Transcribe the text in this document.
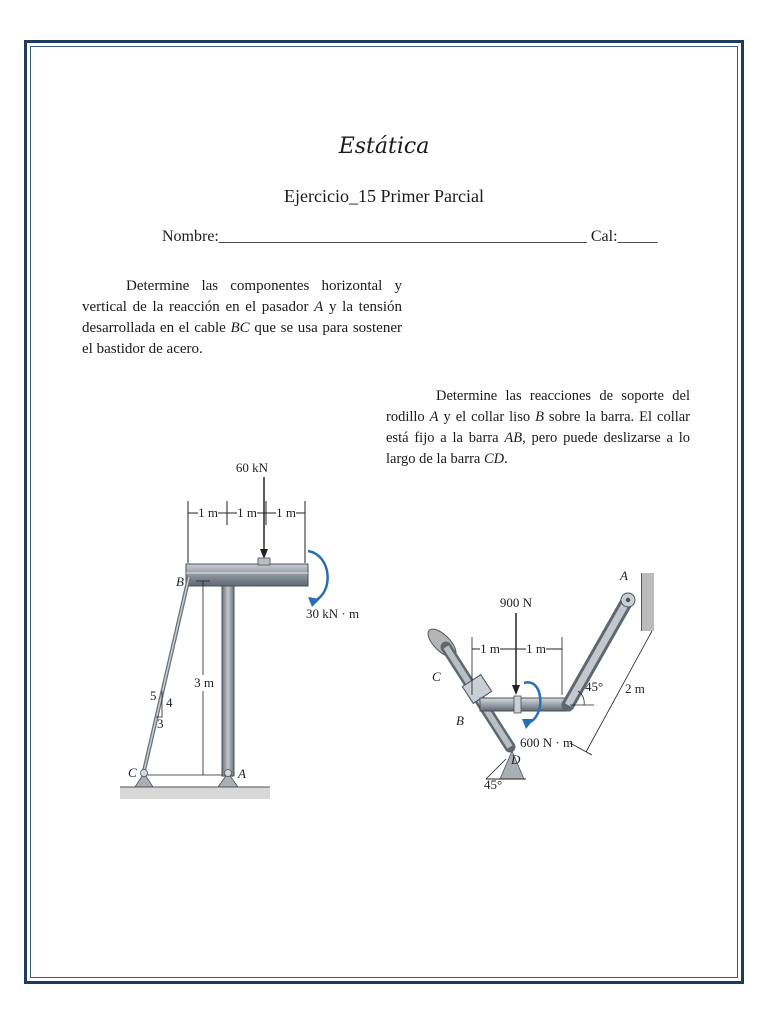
Estática
Ejercicio_15 Primer Parcial
Nombre:______________________________________________ Cal:_____
Determine las componentes horizontal y vertical de la reacción en el pasador A y la tensión desarrollada en el cable BC que se usa para sostener el bastidor de acero.
Determine las reacciones de soporte del rodillo A y el collar liso B sobre la barra. El collar está fijo a la barra AB, pero puede deslizarse a lo largo de la barra CD.
60 kN
1 m 1 m 1 m
5 4
3
3 m
B
C	A
30 kN · m
45°
A
C
B
D
900 N
1 m 1 m
600 N · m
45° 2 m
